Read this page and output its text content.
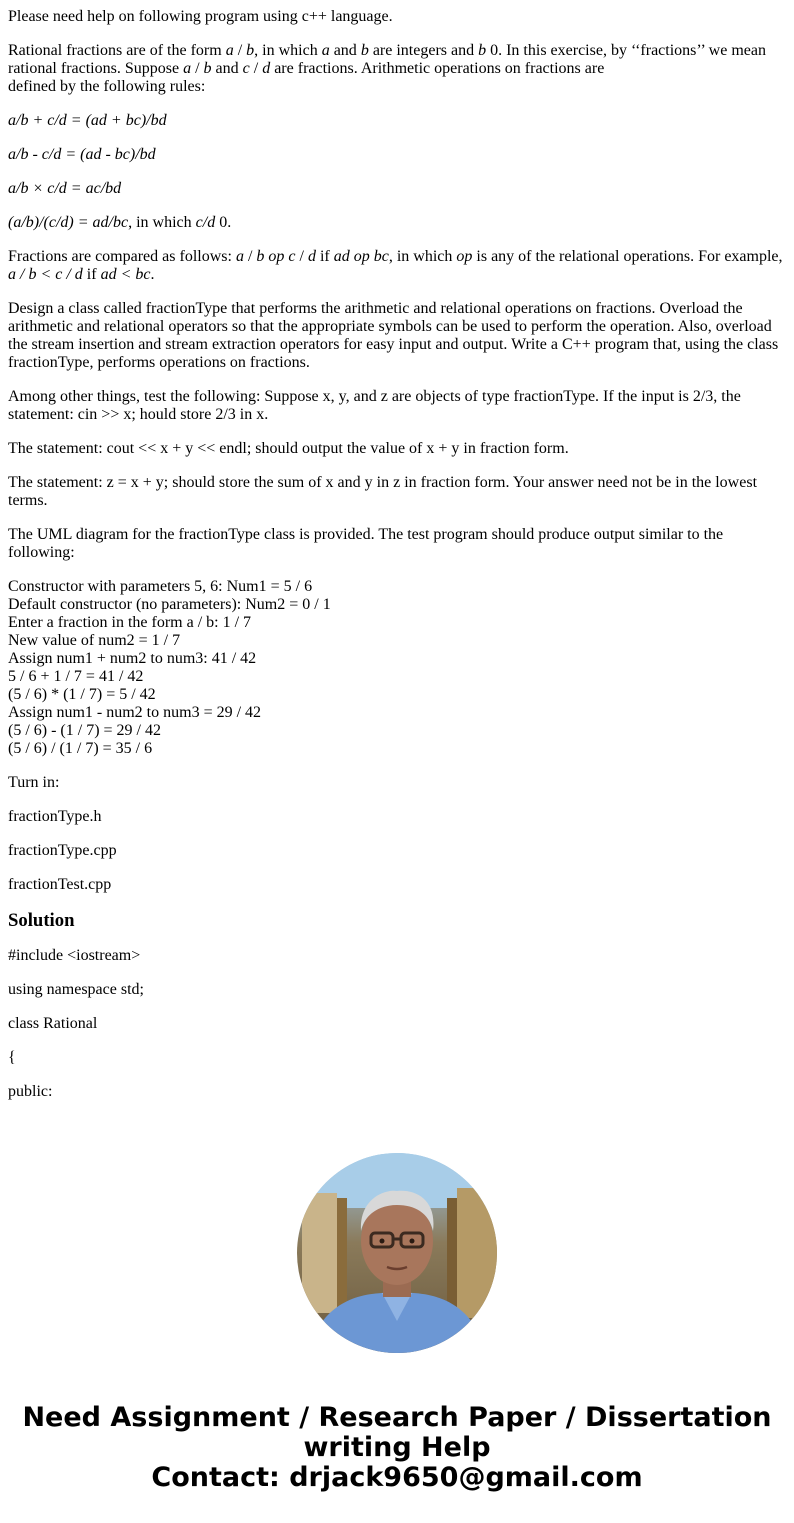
Please need help on following program using c++ language.

Rational fractions are of the form a / b, in which a and b are integers and b 0. In this exercise, by ‘‘fractions’’ we mean rational fractions. Suppose a / b and c / d are fractions. Arithmetic operations on fractions are
defined by the following rules:

a/b + c/d = (ad + bc)/bd

a/b - c/d = (ad - bc)/bd

a/b × c/d = ac/bd

(a/b)/(c/d) = ad/bc, in which c/d 0.

Fractions are compared as follows: a / b op c / d if ad op bc, in which op is any of the relational operations. For example, a / b < c / d if ad < bc.

Design a class called fractionType that performs the arithmetic and relational operations on fractions. Overload the arithmetic and relational operators so that the appropriate symbols can be used to perform the operation. Also, overload the stream insertion and stream extraction operators for easy input and output. Write a C++ program that, using the class fractionType, performs operations on fractions.

Among other things, test the following: Suppose x, y, and z are objects of type fractionType. If the input is 2/3, the statement: cin >> x; hould store 2/3 in x.

The statement: cout << x + y << endl; should output the value of x + y in fraction form.

The statement: z = x + y; should store the sum of x and y in z in fraction form. Your answer need not be in the lowest terms.

The UML diagram for the fractionType class is provided. The test program should produce output similar to the following:

Constructor with parameters 5, 6: Num1 = 5 / 6
Default constructor (no parameters): Num2 = 0 / 1
Enter a fraction in the form a / b: 1 / 7
New value of num2 = 1 / 7
Assign num1 + num2 to num3: 41 / 42
5 / 6 + 1 / 7 = 41 / 42
(5 / 6) * (1 / 7) = 5 / 42
Assign num1 - num2 to num3 = 29 / 42
(5 / 6) - (1 / 7) = 29 / 42
(5 / 6) / (1 / 7) = 35 / 6

Turn in:

fractionType.h

fractionType.cpp

fractionTest.cpp

Solution

#include <iostream>

using namespace std;

class Rational

{

public:

Need Assignment / Research Paper / Dissertation
writing Help
Contact: drjack9650@gmail.com
